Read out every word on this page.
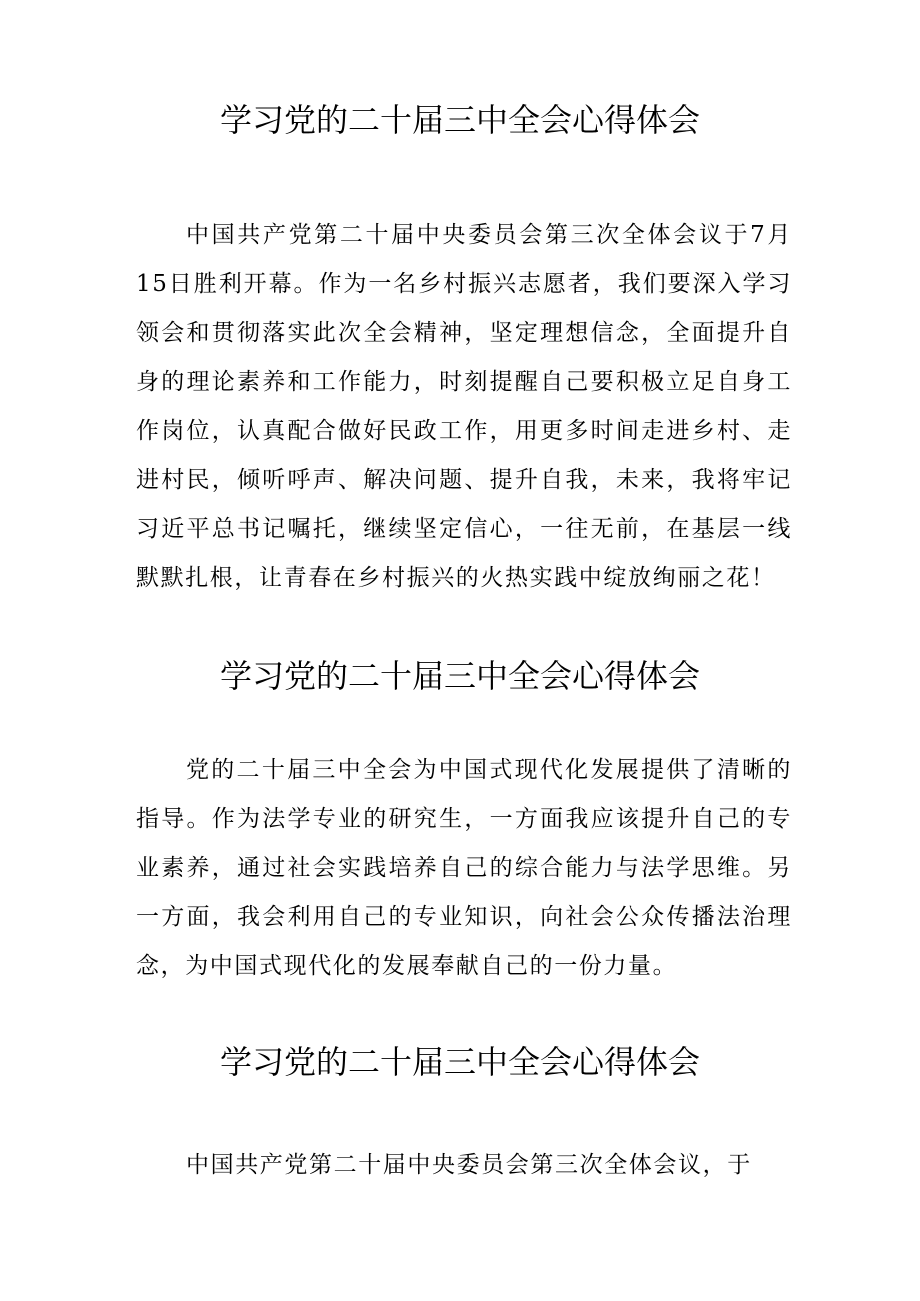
学习党的二十届三中全会心得体会

中国共产党第二十届中央委员会第三次全体会议于7月15日胜利开幕。作为一名乡村振兴志愿者，我们要深入学习领会和贯彻落实此次全会精神，坚定理想信念，全面提升自身的理论素养和工作能力，时刻提醒自己要积极立足自身工作岗位，认真配合做好民政工作，用更多时间走进乡村、走进村民，倾听呼声、解决问题、提升自我，未来，我将牢记习近平总书记嘱托，继续坚定信心，一往无前，在基层一线默默扎根，让青春在乡村振兴的火热实践中绽放绚丽之花！

学习党的二十届三中全会心得体会

党的二十届三中全会为中国式现代化发展提供了清晰的指导。作为法学专业的研究生，一方面我应该提升自己的专业素养，通过社会实践培养自己的综合能力与法学思维。另一方面，我会利用自己的专业知识，向社会公众传播法治理念，为中国式现代化的发展奉献自己的一份力量。

学习党的二十届三中全会心得体会

中国共产党第二十届中央委员会第三次全体会议，于
